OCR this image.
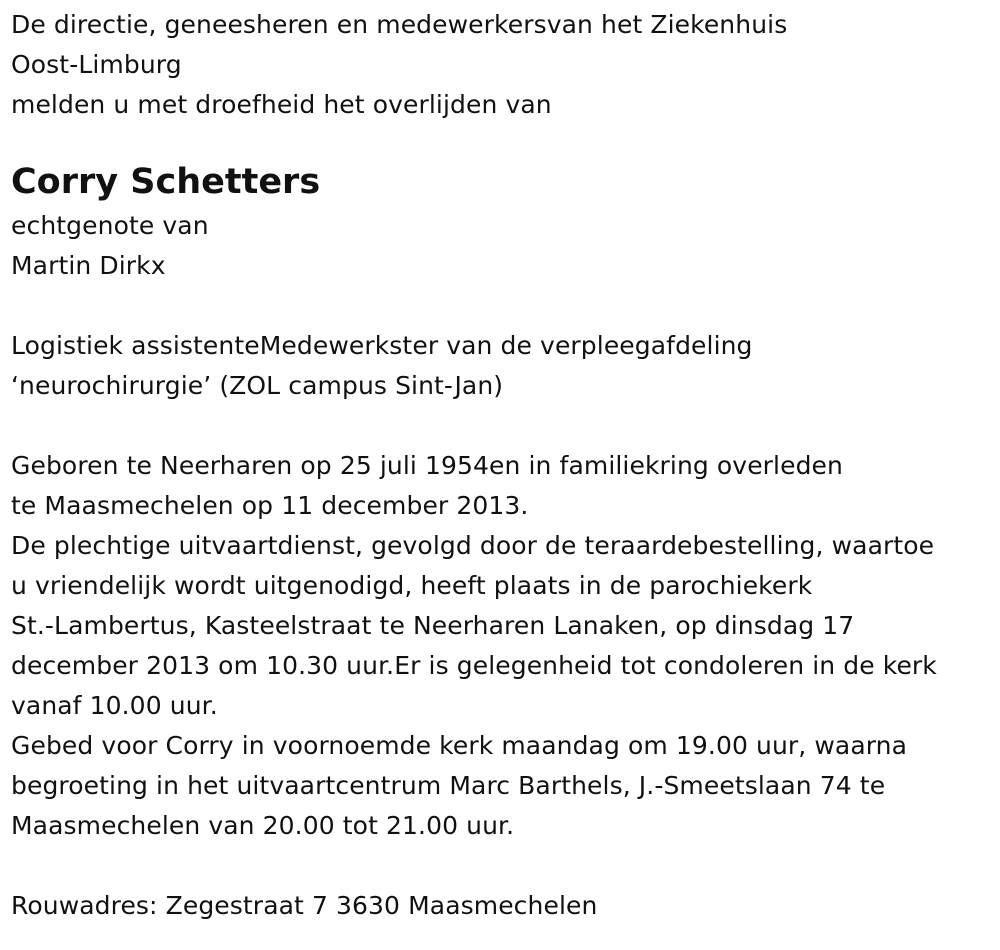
De directie, geneesheren en medewerkersvan het Ziekenhuis
Oost-Limburg
melden u met droefheid het overlijden van
Corry Schetters
echtgenote van
Martin Dirkx
Logistiek assistenteMedewerkster van de verpleegafdeling
‘neurochirurgie’ (ZOL campus Sint-Jan)
Geboren te Neerharen op 25 juli 1954en in familiekring overleden
te Maasmechelen op 11 december 2013.
De plechtige uitvaartdienst, gevolgd door de teraardebestelling, waartoe
u vriendelijk wordt uitgenodigd, heeft plaats in de parochiekerk
St.-Lambertus, Kasteelstraat te Neerharen Lanaken, op dinsdag 17
december 2013 om 10.30 uur.Er is gelegenheid tot condoleren in de kerk
vanaf 10.00 uur.
Gebed voor Corry in voornoemde kerk maandag om 19.00 uur, waarna
begroeting in het uitvaartcentrum Marc Barthels, J.-Smeetslaan 74 te
Maasmechelen van 20.00 tot 21.00 uur.
Rouwadres: Zegestraat 7 3630 Maasmechelen
